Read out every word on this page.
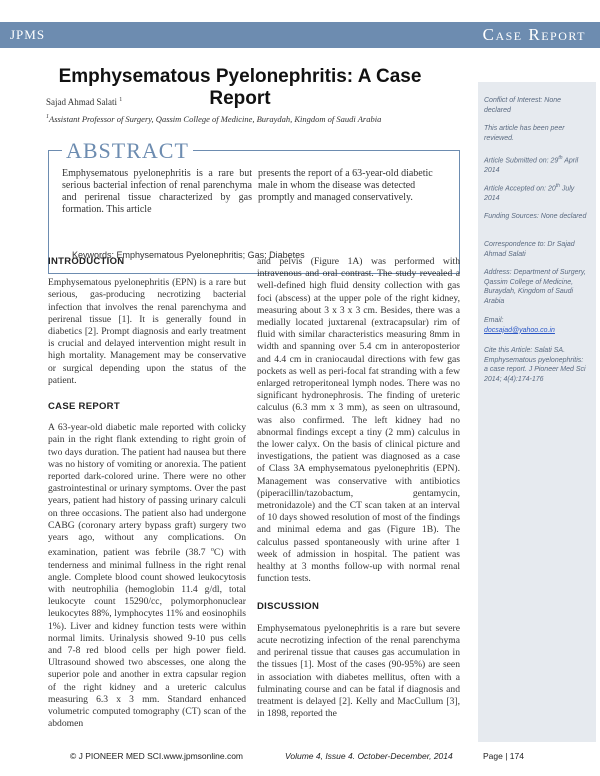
JPMS	Case Report
Emphysematous Pyelonephritis: A Case Report
Sajad Ahmad Salati $^1$
$^1$Assistant Professor of Surgery, Qassim College of Medicine, Buraydah, Kingdom of Saudi Arabia
ABSTRACT
Emphysematous pyelonephritis is a rare but serious bacterial infection of renal parenchyma and perirenal tissue characterized by gas formation. This article
presents the report of a 63-year-old diabetic male in whom the disease was detected promptly and managed conservatively.
Keywords: Emphysematous Pyelonephritis; Gas; Diabetes

INTRODUCTION

Emphysematous pyelonephritis (EPN) is a rare but serious, gas-producing necrotizing bacterial infection that involves the renal parenchyma and perirenal tissue [1]. It is generally found in diabetics [2]. Prompt diagnosis and early treatment is crucial and delayed intervention might result in high mortality. Management may be conservative or surgical depending upon the status of the patient.

CASE REPORT

A 63-year-old diabetic male reported with colicky pain in the right flank extending to right groin of two days duration. The patient had nausea but there was no history of vomiting or anorexia. The patient reported dark-colored urine. There were no other gastrointestinal or urinary symptoms. Over the past years, patient had history of passing urinary calculi on three occasions. The patient also had undergone CABG (coronary artery bypass graft) surgery two years ago, without any complications. On examination, patient was febrile (38.7 $^o$C) with tenderness and minimal fullness in the right renal angle. Complete blood count showed leukocytosis with neutrophilia (hemoglobin 11.4 g/dl, total leukocyte count 15290/cc, polymorphonuclear leukocytes 88%, lymphocytes 11% and eosinophils 1%). Liver and kidney function tests were within normal limits. Urinalysis showed 9-10 pus cells and 7-8 red blood cells per high power field. Ultrasound showed two abscesses, one along the superior pole and another in extra capsular region of the right kidney and a ureteric calculus measuring 6.3 x 3 mm. Standard enhanced volumetric computed tomography (CT) scan of the abdomen

and pelvis (Figure 1A) was performed with intravenous and oral contrast. The study revealed a well-defined high fluid density collection with gas foci (abscess) at the upper pole of the right kidney, measuring about 3 x 3 x 3 cm. Besides, there was a medially located juxtarenal (extracapsular) rim of fluid with similar characteristics measuring 8mm in width and spanning over 5.4 cm in anteroposterior and 4.4 cm in craniocaudal directions with few gas pockets as well as peri-focal fat stranding with a few enlarged retroperitoneal lymph nodes. There was no significant hydronephrosis. The finding of ureteric calculus (6.3 mm x 3 mm), as seen on ultrasound, was also confirmed. The left kidney had no abnormal findings except a tiny (2 mm) calculus in the lower calyx. On the basis of clinical picture and investigations, the patient was diagnosed as a case of Class 3A emphysematous pyelonephritis (EPN). Management was conservative with antibiotics (piperacillin/tazobactum, gentamycin, metronidazole) and the CT scan taken at an interval of 10 days showed resolution of most of the findings and minimal edema and gas (Figure 1B). The calculus passed spontaneously with urine after 1 week of admission in hospital. The patient was healthy at 3 months follow-up with normal renal function tests.

DISCUSSION

Emphysematous pyelonephritis is a rare but severe acute necrotizing infection of the renal parenchyma and perirenal tissue that causes gas accumulation in the tissues [1]. Most of the cases (90-95%) are seen in association with diabetes mellitus, often with a fulminating course and can be fatal if diagnosis and treatment is delayed [2]. Kelly and MacCullum [3], in 1898, reported the

Conflict of Interest: None declared
This article has been peer reviewed.
Article Submitted on: 29th April 2014
Article Accepted on: 20th July 2014
Funding Sources: None declared
Correspondence to: Dr Sajad Ahmad Salati
Address: Department of Surgery, Qassim College of Medicine, Buraydah, Kingdom of Saudi Arabia
Email:
docsajad@yahoo.co.in
Cite this Article: Salati SA. Emphysematous pyelonephritis: a case report. J Pioneer Med Sci 2014; 4(4):174-176
© J PIONEER MED SCI.www.jpmsonline.com	Volume 4, Issue 4. October-December, 2014	Page | 174
